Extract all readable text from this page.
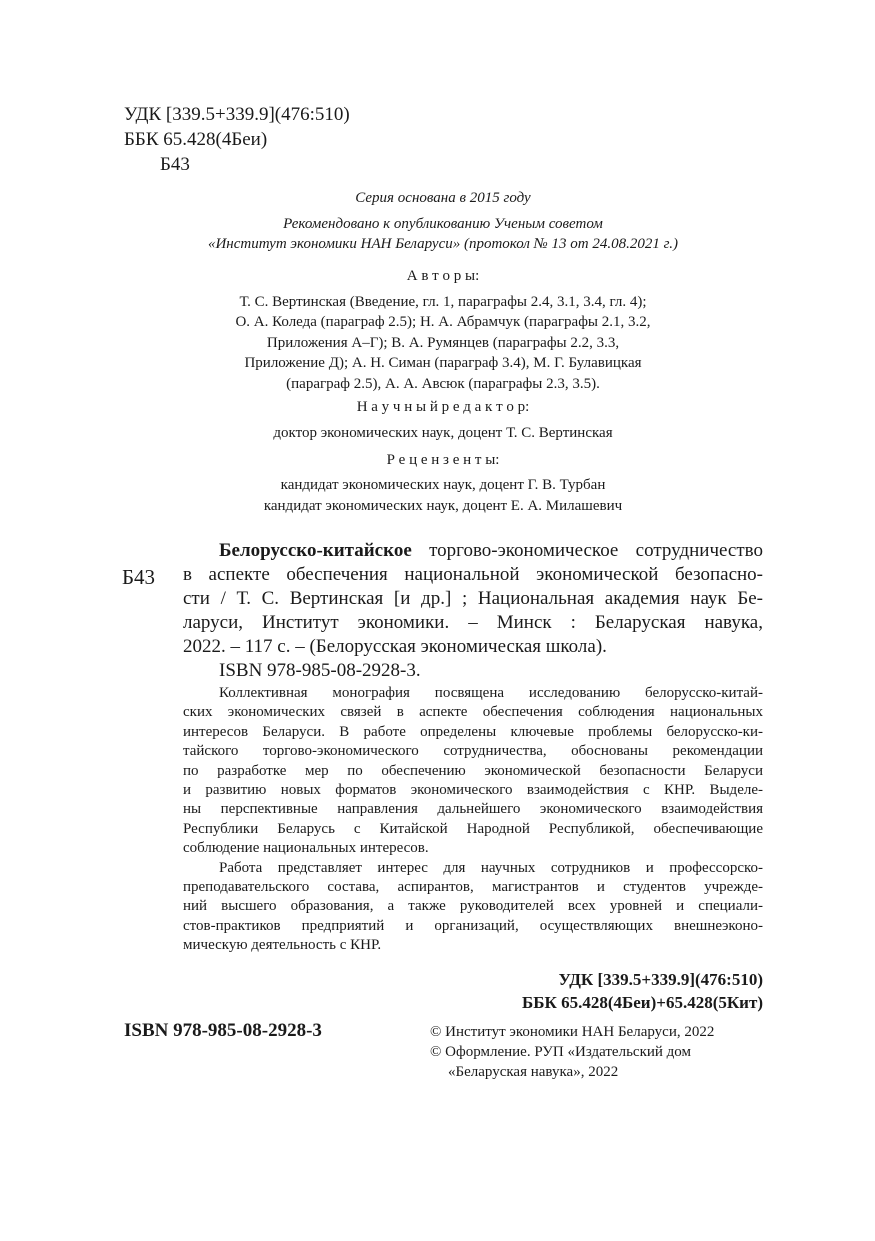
УДК [339.5+339.9](476:510)
ББК 65.428(4Беи)
Б43
Серия основана в 2015 году
Рекомендовано к опубликованию Ученым советом
«Институт экономики НАН Беларуси» (протокол № 13 от 24.08.2021 г.)
А в т о р ы:
Т. С. Вертинская (Введение, гл. 1, параграфы 2.4, 3.1, 3.4, гл. 4);
О. А. Коледа (параграф 2.5); Н. А. Абрамчук (параграфы 2.1, 3.2,
Приложения А–Г); В. А. Румянцев (параграфы 2.2, 3.3,
Приложение Д); А. Н. Симан (параграф 3.4), М. Г. Булавицкая
(параграф 2.5), А. А. Авсюк (параграфы 2.3, 3.5).
Н а у ч н ы й р е д а к т о р:
доктор экономических наук, доцент Т. С. Вертинская
Р е ц е н з е н т ы:
кандидат экономических наук, доцент Г. В. Турбан
кандидат экономических наук, доцент Е. А. Милашевич
Б43
Белорусско-китайское торгово-экономическое сотрудничество
в аспекте обеспечения национальной экономической безопасно-
сти / Т. С. Вертинская [и др.] ; Национальная академия наук Бе-
ларуси, Институт экономики. – Минск : Беларуская навука,
2022. – 117 с. – (Белорусская экономическая школа).
ISBN 978-985-08-2928-3.
Коллективная монография посвящена исследованию белорусско-китай-
ских экономических связей в аспекте обеспечения соблюдения национальных
интересов Беларуси. В работе определены ключевые проблемы белорусско-ки-
тайского торгово-экономического сотрудничества, обоснованы рекомендации
по разработке мер по обеспечению экономической безопасности Беларуси
и развитию новых форматов экономического взаимодействия с КНР. Выделе-
ны перспективные направления дальнейшего экономического взаимодействия
Республики Беларусь с Китайской Народной Республикой, обеспечивающие
соблюдение национальных интересов.
Работа представляет интерес для научных сотрудников и профессорско-
преподавательского состава, аспирантов, магистрантов и студентов учрежде-
ний высшего образования, а также руководителей всех уровней и специали-
стов-практиков предприятий и организаций, осуществляющих внешнеэконо-
мическую деятельность с КНР.
УДК [339.5+339.9](476:510)
ББК 65.428(4Беи)+65.428(5Кит)
ISBN 978-985-08-2928-3	© Институт экономики НАН Беларуси, 2022
© Оформление. РУП «Издательский дом
«Беларуская навука», 2022
